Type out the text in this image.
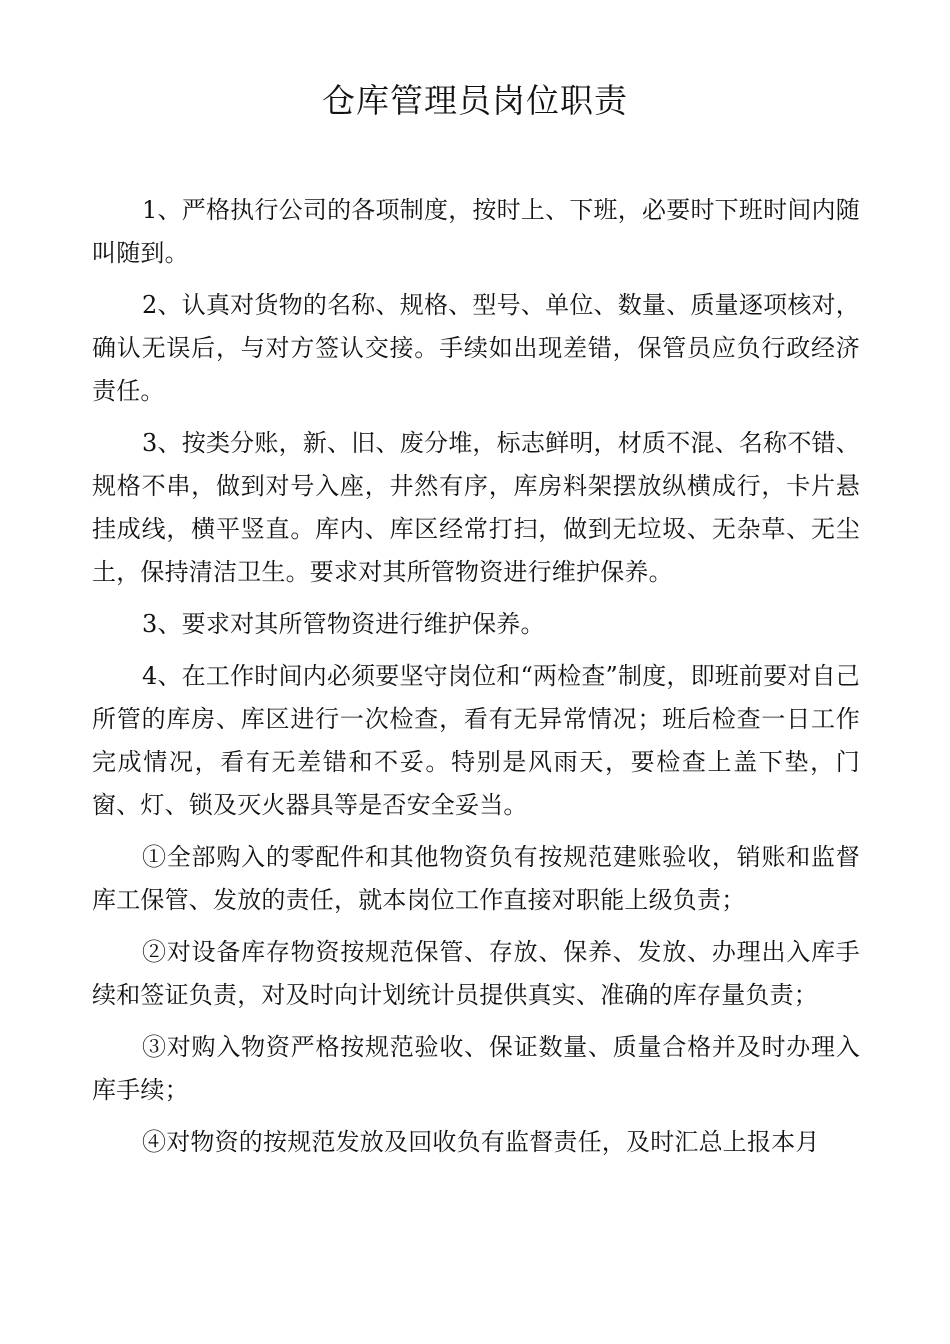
仓库管理员岗位职责

1、严格执行公司的各项制度，按时上、下班，必要时下班时间内随叫随到。

2、认真对货物的名称、规格、型号、单位、数量、质量逐项核对，确认无误后，与对方签认交接。手续如出现差错，保管员应负行政经济责任。

3、按类分账，新、旧、废分堆，标志鲜明，材质不混、名称不错、规格不串，做到对号入座，井然有序，库房料架摆放纵横成行，卡片悬挂成线，横平竖直。库内、库区经常打扫，做到无垃圾、无杂草、无尘土，保持清洁卫生。要求对其所管物资进行维护保养。

3、要求对其所管物资进行维护保养。

4、在工作时间内必须要坚守岗位和“两检查”制度，即班前要对自己所管的库房、库区进行一次检查，看有无异常情况；班后检查一日工作完成情况，看有无差错和不妥。特别是风雨天，要检查上盖下垫，门窗、灯、锁及灭火器具等是否安全妥当。

①全部购入的零配件和其他物资负有按规范建账验收，销账和监督库工保管、发放的责任，就本岗位工作直接对职能上级负责；

②对设备库存物资按规范保管、存放、保养、发放、办理出入库手续和签证负责，对及时向计划统计员提供真实、准确的库存量负责；

③对购入物资严格按规范验收、保证数量、质量合格并及时办理入库手续；

④对物资的按规范发放及回收负有监督责任，及时汇总上报本月
